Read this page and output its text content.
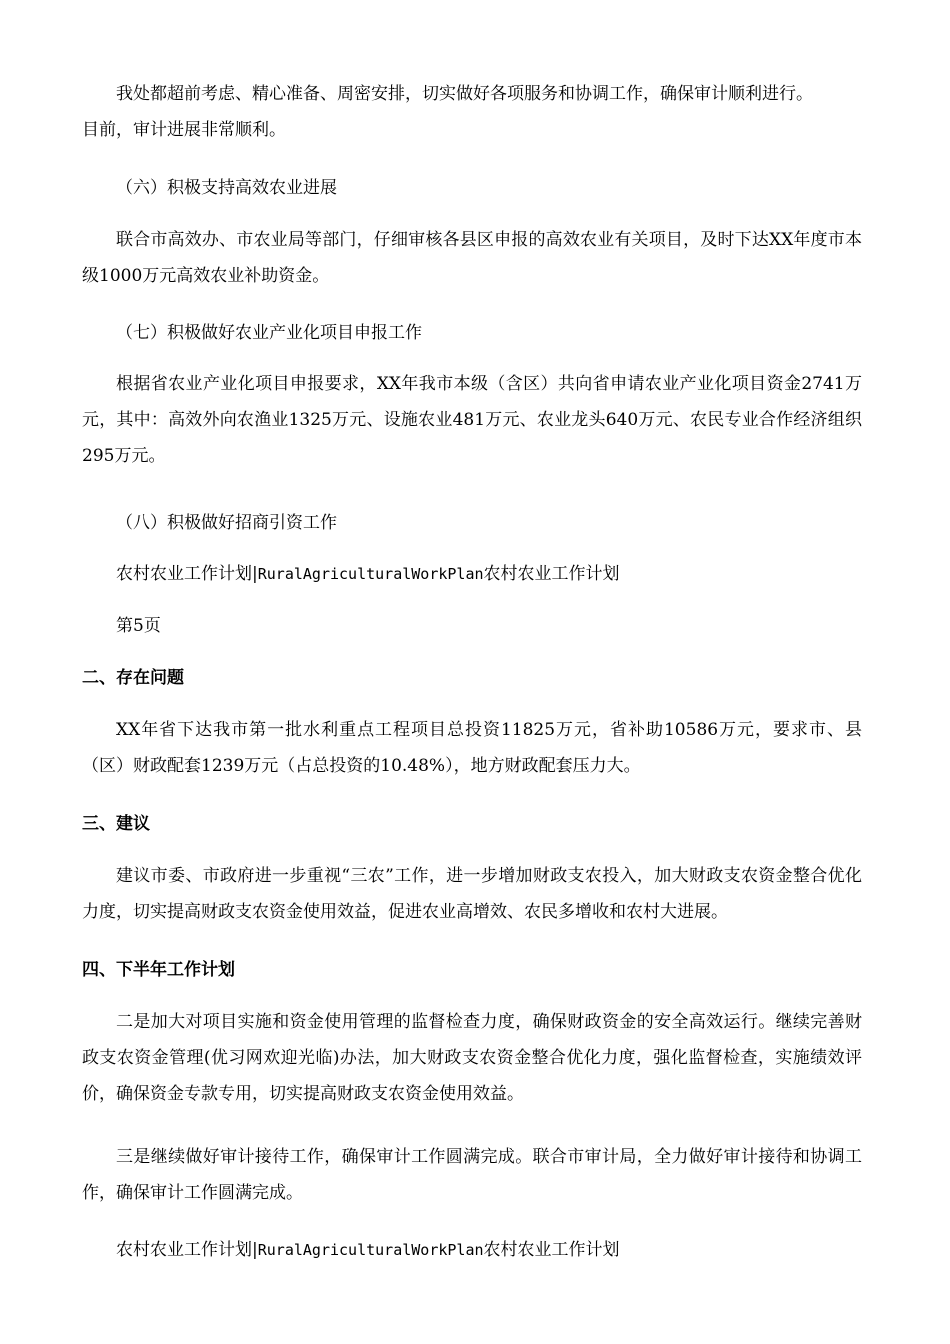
我处都超前考虑、精心准备、周密安排，切实做好各项服务和协调工作，确保审计顺利进行。
目前，审计进展非常顺利。
（六）积极支持高效农业进展

联合市高效办、市农业局等部门，仔细审核各县区申报的高效农业有关项目，及时下达XX年度市本级1000万元高效农业补助资金。

（七）积极做好农业产业化项目申报工作

根据省农业产业化项目申报要求，XX年我市本级（含区）共向省申请农业产业化项目资金2741万元，其中：高效外向农渔业1325万元、设施农业481万元、农业龙头640万元、农民专业合作经济组织295万元。

（八）积极做好招商引资工作
农村农业工作计划|RuralAgriculturalWorkPlan农村农业工作计划
第5页
二、存在问题

XX年省下达我市第一批水利重点工程项目总投资11825万元，省补助10586万元，要求市、县（区）财政配套1239万元（占总投资的10.48%），地方财政配套压力大。

三、建议

建议市委、市政府进一步重视“三农”工作，进一步增加财政支农投入，加大财政支农资金整合优化力度，切实提高财政支农资金使用效益，促进农业高增效、农民多增收和农村大进展。

四、下半年工作计划

二是加大对项目实施和资金使用管理的监督检查力度，确保财政资金的安全高效运行。继续完善财政支农资金管理(优习网欢迎光临)办法，加大财政支农资金整合优化力度，强化监督检查，实施绩效评价，确保资金专款专用，切实提高财政支农资金使用效益。

三是继续做好审计接待工作，确保审计工作圆满完成。联合市审计局，全力做好审计接待和协调工作，确保审计工作圆满完成。

农村农业工作计划|RuralAgriculturalWorkPlan农村农业工作计划
